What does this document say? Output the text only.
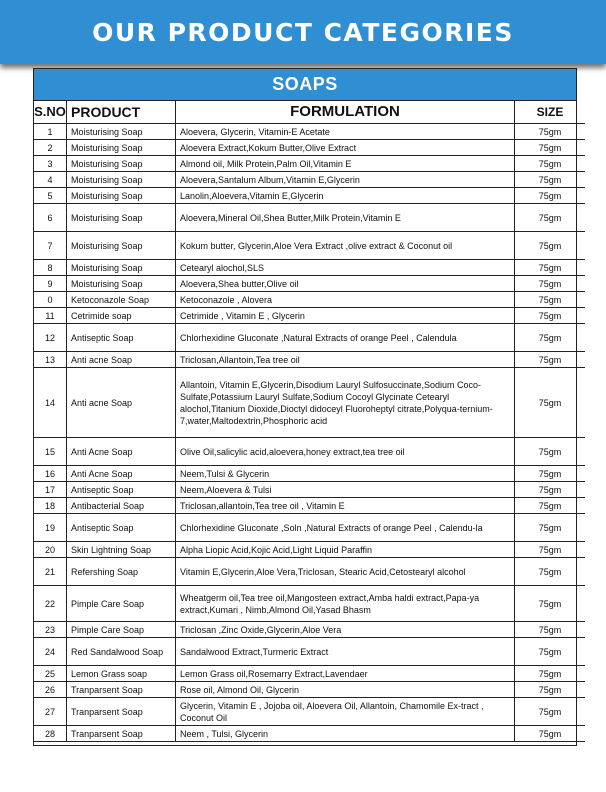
OUR PRODUCT CATEGORIES
SOAPS
S.NO	PRODUCT	FORMULATION	SIZE
1	Moisturising Soap	Aloevera, Glycerin, Vitamin-E Acetate	75gm
2	Moisturising Soap	Aloevera Extract,Kokum Butter,Olive Extract	75gm
3	Moisturising Soap	Almond oil, Milk Protein,Palm Oil,Vitamin E	75gm
4	Moisturising Soap	Aloevera,Santalum Album,Vitamin E,Glycerin	75gm
5	Moisturising Soap	Lanolin,Aloevera,Vitamin E,Glycerin	75gm
6	Moisturising Soap	Aloevera,Mineral Oil,Shea Butter,Milk Protein,Vitamin E	75gm
7	Moisturising Soap	Kokum butter, Glycerin,Aloe Vera Extract ,olive extract & Coconut oil	75gm
8	Moisturising Soap	Cetearyl alochol,SLS	75gm
9	Moisturising Soap	Aloevera,Shea butter,Olive oil	75gm
0	Ketoconazole Soap	Ketoconazole , Alovera	75gm
11	Cetrimide soap	Cetrimide , Vitamin E , Glycerin	75gm
12	Antiseptic Soap	Chlorhexidine Gluconate ,Natural Extracts of orange Peel , Calendula	75gm
13	Anti acne Soap	Triclosan,Allantoin,Tea tree oil	75gm
14	Anti acne Soap	Allantoin, Vitamin E,Glycerin,Disodium Lauryl Sulfosuccinate,Sodium Coco-Sulfate,Potassium Lauryl Sulfate,Sodium Cocoyl Glycinate Cetearyl alochol,Titanium Dioxide,Dioctyl didoceyl Fluoroheptyl citrate,Polyqua-ternium-7,water,Maltodextrin,Phosphoric acid	75gm
15	Anti Acne Soap	Olive Oil,salicylic acid,aloevera,honey extract,tea tree oil	75gm
16	Anti Acne Soap	Neem,Tulsi & Glycerin	75gm
17	Antiseptic Soap	Neem,Aloevera & Tulsi	75gm
18	Antibacterial Soap	Triclosan,allantoin,Tea tree oil , Vitamin E	75gm
19	Antiseptic Soap	Chlorhexidine Gluconate ,Soln ,Natural Extracts of orange Peel , Calendu-la	75gm
20	Skin Lightning Soap	Alpha Liopic Acid,Kojic Acid,Light Liquid Paraffin	75gm
21	Refershing Soap	Vitamin E,Glycerin,Aloe Vera,Triclosan, Stearic Acid,Cetostearyl alcohol	75gm
22	Pimple Care Soap	Wheatgerm oil,Tea tree oil,Mangosteen extract,Amba haldi extract,Papa-ya extract,Kumari , Nimb,Almond Oil,Yasad Bhasm	75gm
23	Pimple Care Soap	Triclosan ,Zinc Oxide,Glycerin,Aloe Vera	75gm
24	Red Sandalwood Soap	Sandalwood Extract,Turmeric Extract	75gm
25	Lemon Grass soap	Lemon Grass oil,Rosemarry Extract,Lavendaer	75gm
26	Tranparsent Soap	Rose oil, Almond Oil, Glycerin	75gm
27	Tranparsent Soap	Glycerin, Vitamin E , Jojoba oil, Aloevera Oil, Allantoin, Chamomile Ex-tract , Coconut Oil	75gm
28	Tranparsent Soap	Neem , Tulsi, Glycerin	75gm
